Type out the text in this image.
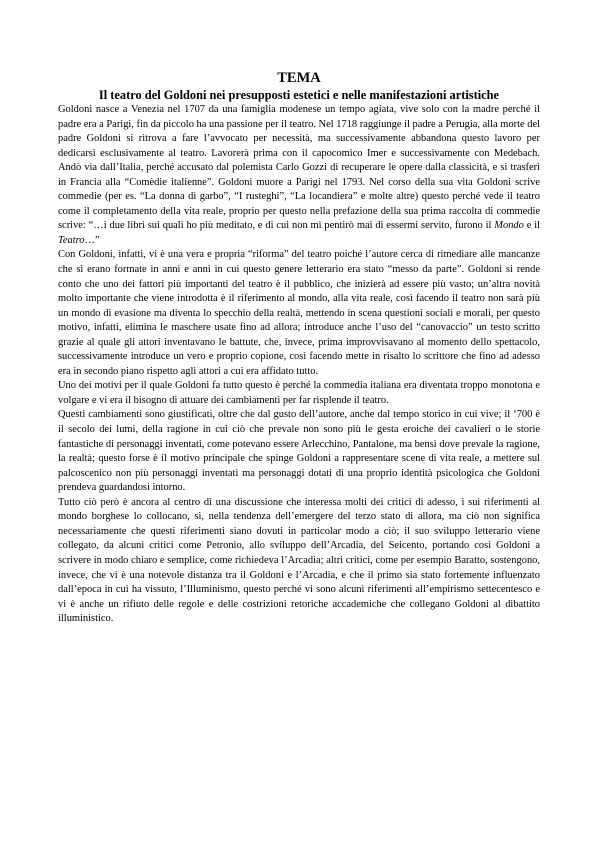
TEMA
Il teatro del Goldoni nei presupposti estetici e nelle manifestazioni artistiche

Goldoni nasce a Venezia nel 1707 da una famiglia modenese un tempo agiata, vive solo con la madre perché il padre era a Parigi, fin da piccolo ha una passione per il teatro. Nel 1718 raggiunge il padre a Perugia, alla morte del padre Goldoni si ritrova a fare l’avvocato per necessità, ma successivamente abbandona questo lavoro per dedicarsi esclusivamente al teatro. Lavorerà prima con il capocomico Imer e successivamente con Medebach. Andò via dall’Italia, perché accusato dal polemista Carlo Gozzi di recuperare le opere dalla classicità, e si trasferì in Francia alla “Comèdie italienne”. Goldoni muore a Parigi nel 1793. Nel corso della sua vita Goldoni scrive commedie (per es. “La donna di garbo”, “I rusteghi”, “La locandiera” e molte altre) questo perché vede il teatro come il completamento della vita reale, proprio per questo nella prefazione della sua prima raccolta di commedie scrive: “…i due libri sui quali ho più meditato, e di cui non mi pentirò mai di essermi servito, furono il Mondo e il Teatro…”

Con Goldoni, infatti, vi è una vera e propria “riforma” del teatro poiché l’autore cerca di rimediare alle mancanze che si erano formate in anni e anni in cui questo genere letterario era stato “messo da parte”. Goldoni si rende conto che uno dei fattori più importanti del teatro è il pubblico, che inizierà ad essere più vasto; un’altra novità molto importante che viene introdotta è il riferimento al mondo, alla vita reale, così facendo il teatro non sarà più un mondo di evasione ma diventa lo specchio della realtà, mettendo in scena questioni sociali e morali, per questo motivo, infatti, elimina le maschere usate fino ad allora; introduce anche l’uso del “canovaccio” un testo scritto grazie al quale gli attori inventavano le battute, che, invece, prima improvvisavano al momento dello spettacolo, successivamente introduce un vero e proprio copione, così facendo mette in risalto lo scrittore che fino ad adesso era in secondo piano rispetto agli attori a cui era affidato tutto.

Uno dei motivi per il quale Goldoni fa tutto questo è perché la commedia italiana era diventata troppo monotona e volgare e vi era il bisogno di attuare dei cambiamenti per far risplende il teatro.

Questi cambiamenti sono giustificati, oltre che dal gusto dell’autore, anche dal tempo storico in cui vive; il ‘700 è il secolo dei lumi, della ragione in cui ciò che prevale non sono più le gesta eroiche dei cavalieri o le storie fantastiche di personaggi inventati, come potevano essere Arlecchino, Pantalone, ma bensì dove prevale la ragione, la realtà; questo forse è il motivo principale che spinge Goldoni a rappresentare scene di vita reale, a mettere sul palcoscenico non più personaggi inventati ma personaggi dotati di una proprio identità psicologica che Goldoni prendeva guardandosi intorno.

Tutto ciò però è ancora al centro di una discussione che interessa molti dei critici di adesso, i sui riferimenti al mondo borghese lo collocano, si, nella tendenza dell’emergere del terzo stato di allora, ma ciò non significa necessariamente che questi riferimenti siano dovuti in particolar modo a ciò; il suo sviluppo letterario viene collegato, da alcuni critici come Petronio, allo sviluppo dell’Arcadia, del Seicento, portando così Goldoni a scrivere in modo chiaro e semplice, come richiedeva l’Arcadia; altri critici, come per esempio Baratto, sostengono, invece, che vi è una notevole distanza tra il Goldoni e l’Arcadia, e che il primo sia stato fortemente influenzato dall’epoca in cui ha vissuto, l’Illuminismo, questo perché vi sono alcuni riferimenti all’empirismo settecentesco e vi è anche un rifiuto delle regole e delle costrizioni retoriche accademiche che collegano Goldoni al dibattito illuministico.
